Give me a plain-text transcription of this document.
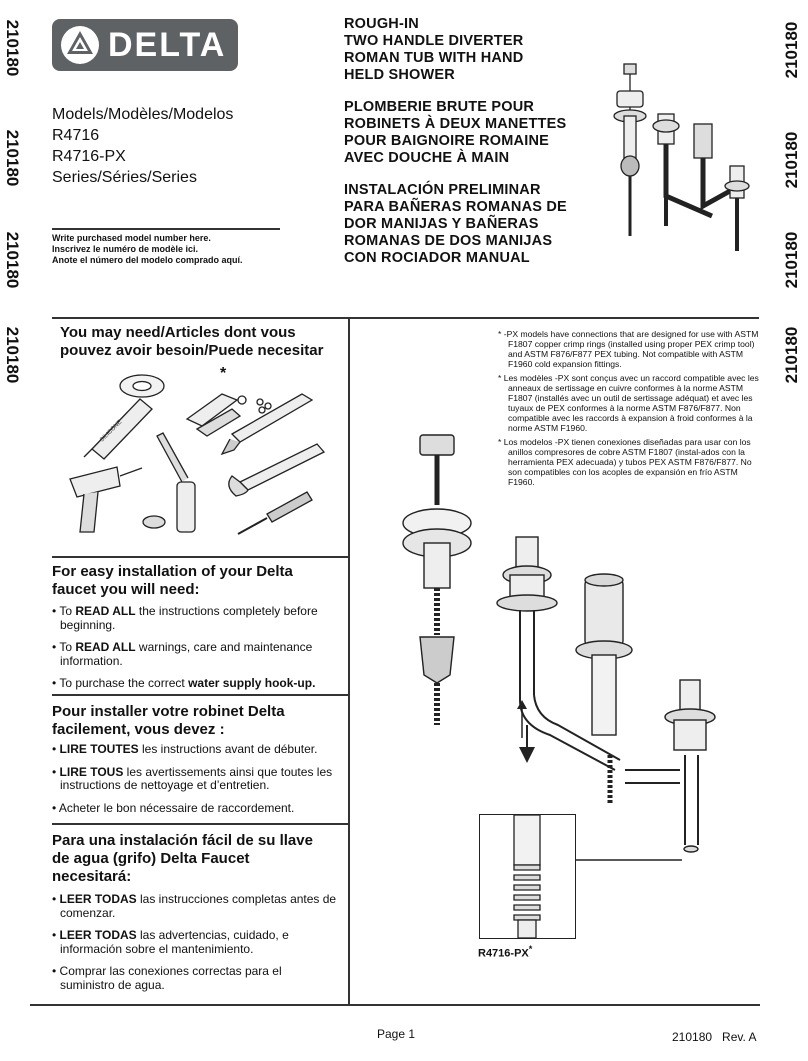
210180
210180
210180
210180
210180
210180
210180
210180
DELTA
Models/Modèles/Modelos
R4716
R4716-PX
Series/Séries/Series
Write purchased model number here.
Inscrivez le numéro de modèle ici.
Anote el número del modelo comprado aquí.
ROUGH-IN
TWO HANDLE DIVERTER
ROMAN TUB WITH HAND
HELD SHOWER
PLOMBERIE BRUTE POUR
ROBINETS À DEUX MANETTES
POUR BAIGNOIRE ROMAINE
AVEC DOUCHE À MAIN
INSTALACIÓN PRELIMINAR
PARA BAÑERAS ROMANAS DE
DOR MANIJAS Y BAÑERAS
ROMANAS DE DOS MANIJAS
CON ROCIADOR MANUAL
You may need/Articles dont vous
pouvez avoir besoin/Puede necesitar
*
SILICONE
For easy installation of your Delta
faucet you will need:
• To READ ALL the instructions completely before beginning.
• To READ ALL warnings, care and maintenance information.
• To purchase the correct water supply hook-up.
Pour installer votre robinet Delta
facilement, vous devez :
• LIRE TOUTES les instructions avant de débuter.
• LIRE TOUS les avertissements ainsi que toutes les instructions de nettoyage et d’entretien.
• Acheter le bon nécessaire de raccordement.
Para una instalación fácil de su llave
de agua (grifo) Delta Faucet
necesitará:
• LEER TODAS las instrucciones completas antes de comenzar.
• LEER TODAS las advertencias, cuidado, e información sobre el mantenimiento.
• Comprar las conexiones correctas para el suministro de agua.

* -PX models have connections that are designed for use with ASTM F1807 copper crimp rings (installed using proper PEX crimp tool) and ASTM F876/F877 PEX tubing. Not compatible with ASTM F1960 cold expansion fittings.

* Les modèles -PX sont conçus avec un raccord compatible avec les anneaux de sertissage en cuivre conformes à la norme ASTM F1807 (installés avec un outil de sertissage adéquat) et avec les tuyaux de PEX conformes à la norme ASTM F876/F877. Non compatible avec les raccords à expansion à froid conformes à la norme ASTM F1960.

* Los modelos -PX tienen conexiones diseñadas para usar con los anillos compresores de cobre ASTM F1807 (instal-ados con la herramienta PEX adecuada) y tubos PEX ASTM F876/F877. No son compatibles con los acoples de expansión en frío ASTM F1960.

R4716-PX*
Page 1	210180   Rev. A
